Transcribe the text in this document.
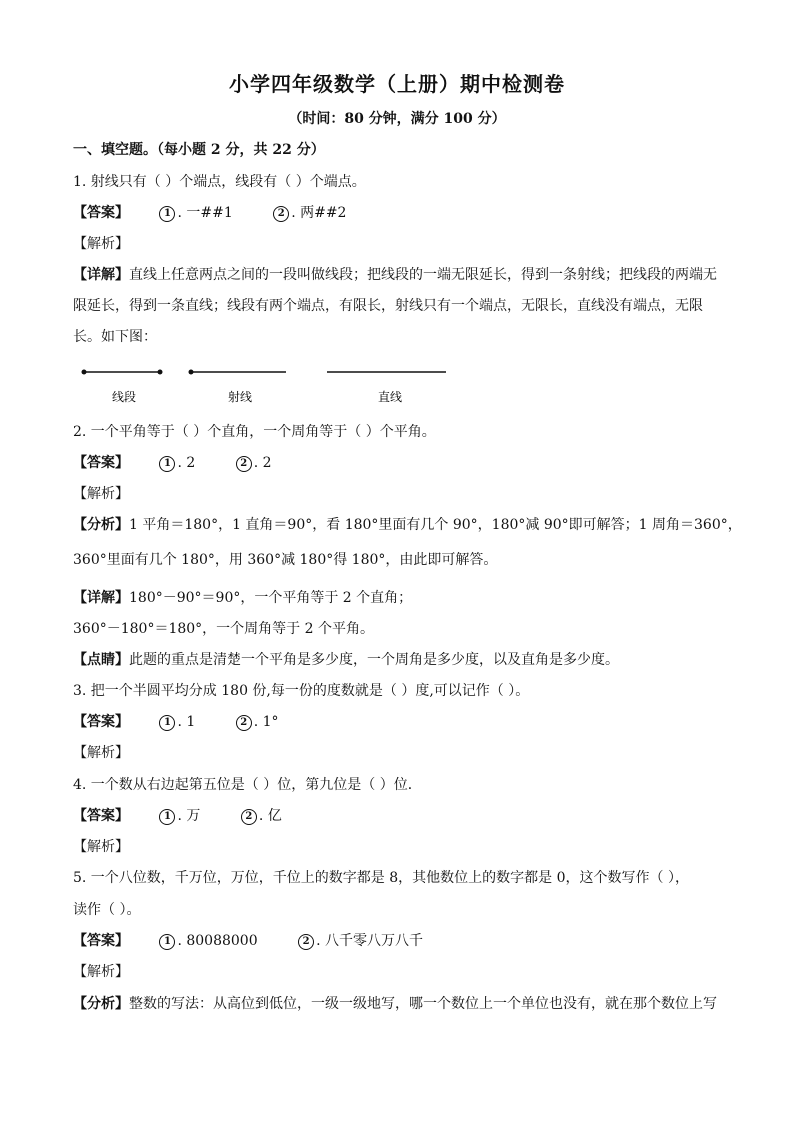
小学四年级数学（上册）期中检测卷
（时间：80 分钟，满分 100 分）
一、填空题。（每小题 2 分，共 22 分）
1. 射线只有（ ）个端点，线段有（ ）个端点。
【答案】	1 . 一##1	2 . 两##2
【解析】
【详解】直线上任意两点之间的一段叫做线段；把线段的一端无限延长，得到一条射线；把线段的两端无
限延长，得到一条直线；线段有两个端点，有限长，射线只有一个端点，无限长，直线没有端点，无限
长。如下图：
线段	射线	直线
2. 一个平角等于（ ）个直角，一个周角等于（ ）个平角。
【答案】	1 . 2	2 . 2
【解析】
【分析】1 平角＝180°，1 直角＝90°，看 180°里面有几个 90°，180°减 90°即可解答；1 周角＝360°，
360°里面有几个 180°，用 360°减 180°得 180°，由此即可解答。
【详解】180°－90°＝90°，一个平角等于 2 个直角；
360°－180°＝180°，一个周角等于 2 个平角。
【点睛】此题的重点是清楚一个平角是多少度，一个周角是多少度，以及直角是多少度。
3. 把一个半圆平均分成 180 份,每一份的度数就是（ ）度,可以记作（ ）。
【答案】	1 . 1	2 . 1°
【解析】
4. 一个数从右边起第五位是（ ）位，第九位是（ ）位．
【答案】	1 . 万	2 . 亿
【解析】
5. 一个八位数，千万位，万位，千位上的数字都是 8，其他数位上的数字都是 0，这个数写作（ ），
读作（ ）。
【答案】	1 . 80088000	2 . 八千零八万八千
【解析】
【分析】整数的写法：从高位到低位，一级一级地写，哪一个数位上一个单位也没有，就在那个数位上写
